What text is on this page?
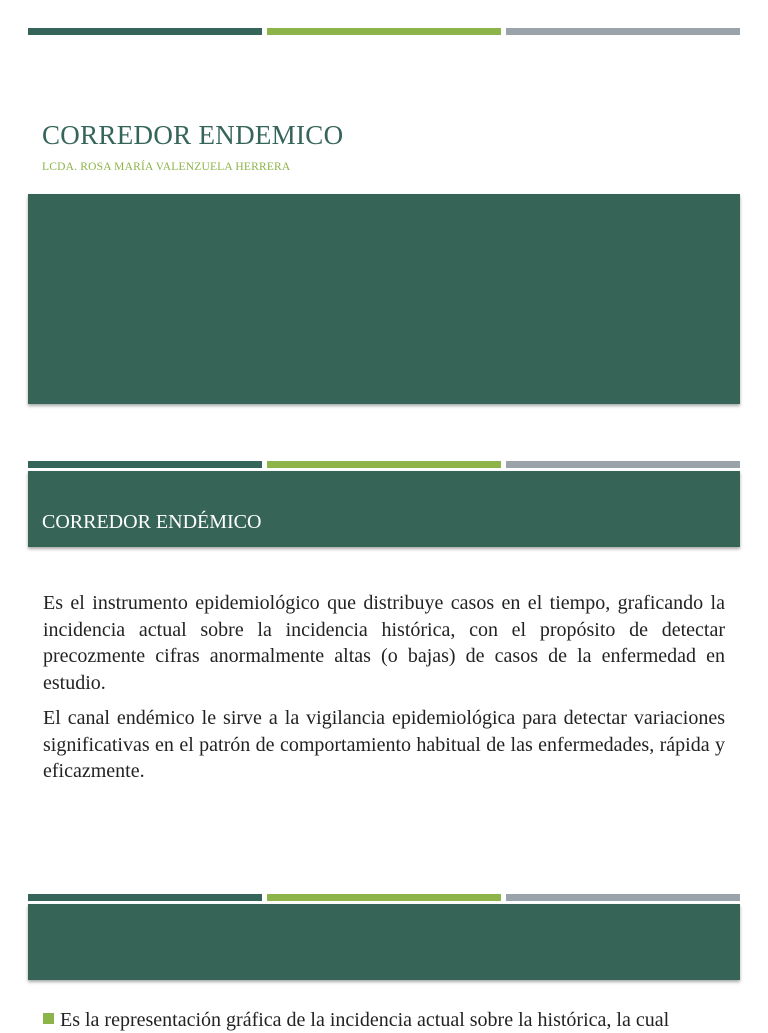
CORREDOR ENDEMICO

LCDA. ROSA MARÍA VALENZUELA HERRERA

CORREDOR ENDÉMICO

Es el instrumento epidemiológico que distribuye casos en el tiempo, graficando la incidencia actual sobre la incidencia histórica, con el propósito de detectar precozmente cifras anormalmente altas (o bajas) de casos de la enfermedad en estudio.

El canal endémico le sirve a la vigilancia epidemiológica para detectar variaciones significativas en el patrón de comportamiento habitual de las enfermedades, rápida y eficazmente.

Es la representación gráfica de la incidencia actual sobre la histórica, la cual
